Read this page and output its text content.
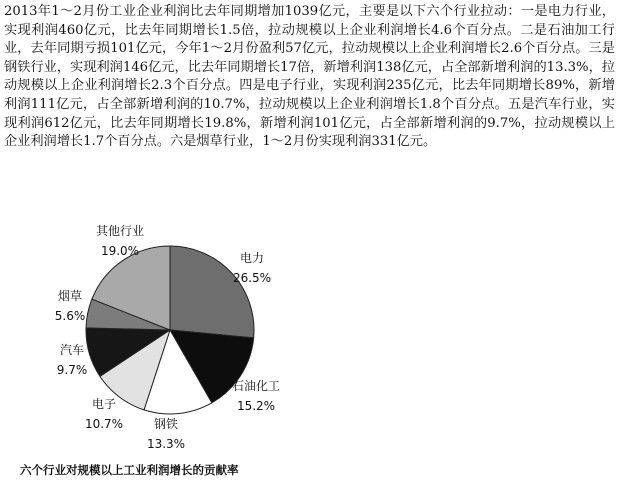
2013年1～2月份工业企业利润比去年同期增加1039亿元，主要是以下六个行业拉动：一是电力行业，实现利润460亿元，比去年同期增长1.5倍，拉动规模以上企业利润增长4.6个百分点。二是石油加工行业，去年同期亏损101亿元，今年1～2月份盈利57亿元，拉动规模以上企业利润增长2.6个百分点。三是钢铁行业，实现利润146亿元，比去年同期增长17倍，新增利润138亿元，占全部新增利润的13.3%，拉动规模以上企业利润增长2.3个百分点。四是电子行业，实现利润235亿元，比去年同期增长89%，新增利润111亿元，占全部新增利润的10.7%，拉动规模以上企业利润增长1.8个百分点。五是汽车行业，实现利润612亿元，比去年同期增长19.8%，新增利润101亿元，占全部新增利润的9.7%，拉动规模以上企业利润增长1.7个百分点。六是烟草行业，1～2月份实现利润331亿元。
电力
26.5%
石油化工
15.2%
钢铁
13.3%
电子
10.7%
汽车
9.7%
烟草
5.6%
其他行业
19.0%
六个行业对规模以上工业利润增长的贡献率
